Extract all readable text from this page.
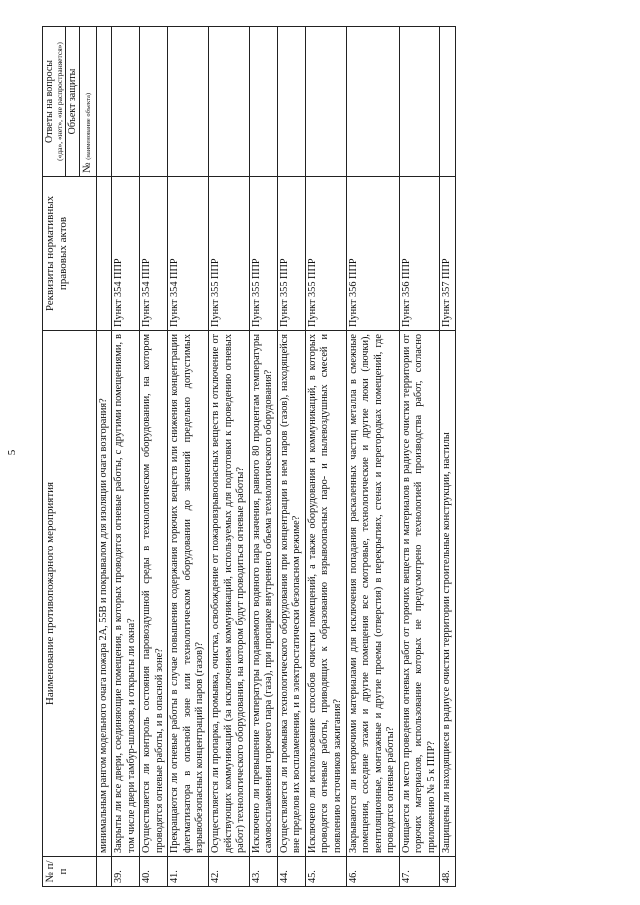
5
№ п/п	Наименование противопожарного мероприятия	Реквизиты нормативных правовых актов	Ответы на вопросы («да», «нет», «не распространяется»)

			Объект защиты

			№ (наименование объекта)
	минимальным рангом модельного очага пожара 2А, 55В и покрывалом для изоляции очага возгорания?		
39.	Закрыты ли все двери, соединяющие помещения, в которых проводятся огневые работы, с другими помещениями, в том числе двери тамбур-шлюзов, и открыты ли окна?	Пункт 354 ППР	
40.	Осуществляется ли контроль состояния паровоздушной среды в технологическом оборудовании, на котором проводятся огневые работы, и в опасной зоне?	Пункт 354 ППР	
41.	Прекращаются ли огневые работы в случае повышения содержания горючих веществ или снижения концентрации флегматизатора в опасной зоне или технологическом оборудовании до значений предельно допустимых взрывобезопасных концентраций паров (газов)?	Пункт 354 ППР	
42.	Осуществляется ли пропарка, промывка, очистка, освобождение от пожаровзрывоопасных веществ и отключение от действующих коммуникаций (за исключением коммуникаций, используемых для подготовки к проведению огневых работ) технологического оборудования, на котором будут проводиться огневые работы?	Пункт 355 ППР	
43.	Исключено ли превышение температуры подаваемого водяного пара значения, равного 80 процентам температуры самовоспламенения горючего пара (газа), при пропарке внутреннего объема технологического оборудования?	Пункт 355 ППР	
44.	Осуществляется ли промывка технологического оборудования при концентрации в нем паров (газов), находящейся вне пределов их воспламенения, и в электростатически безопасном режиме?	Пункт 355 ППР	
45.	Исключено ли использование способов очистки помещений, а также оборудования и коммуникаций, в которых проводятся огневые работы, приводящих к образованию взрывоопасных паро- и пылевоздушных смесей и появлению источников зажигания?	Пункт 355 ППР	
46.	Закрываются ли негорючими материалами для исключения попадания раскаленных частиц металла в смежные помещения, соседние этажи и другие помещения все смотровые, технологические и другие люки (лючки), вентиляционные, монтажные и другие проемы (отверстия) в перекрытиях, стенах и перегородках помещений, где проводятся огневые работы?	Пункт 356 ППР	
47.	Очищается ли место проведения огневых работ от горючих веществ и материалов в радиусе очистки территории от горючих материалов, использование которых не предусмотрено технологией производства работ, согласно приложению № 5 к ППР?	Пункт 356 ППР	
48.	Защищены ли находящиеся в радиусе очистки территории строительные конструкции, настилы	Пункт 357 ППР	
